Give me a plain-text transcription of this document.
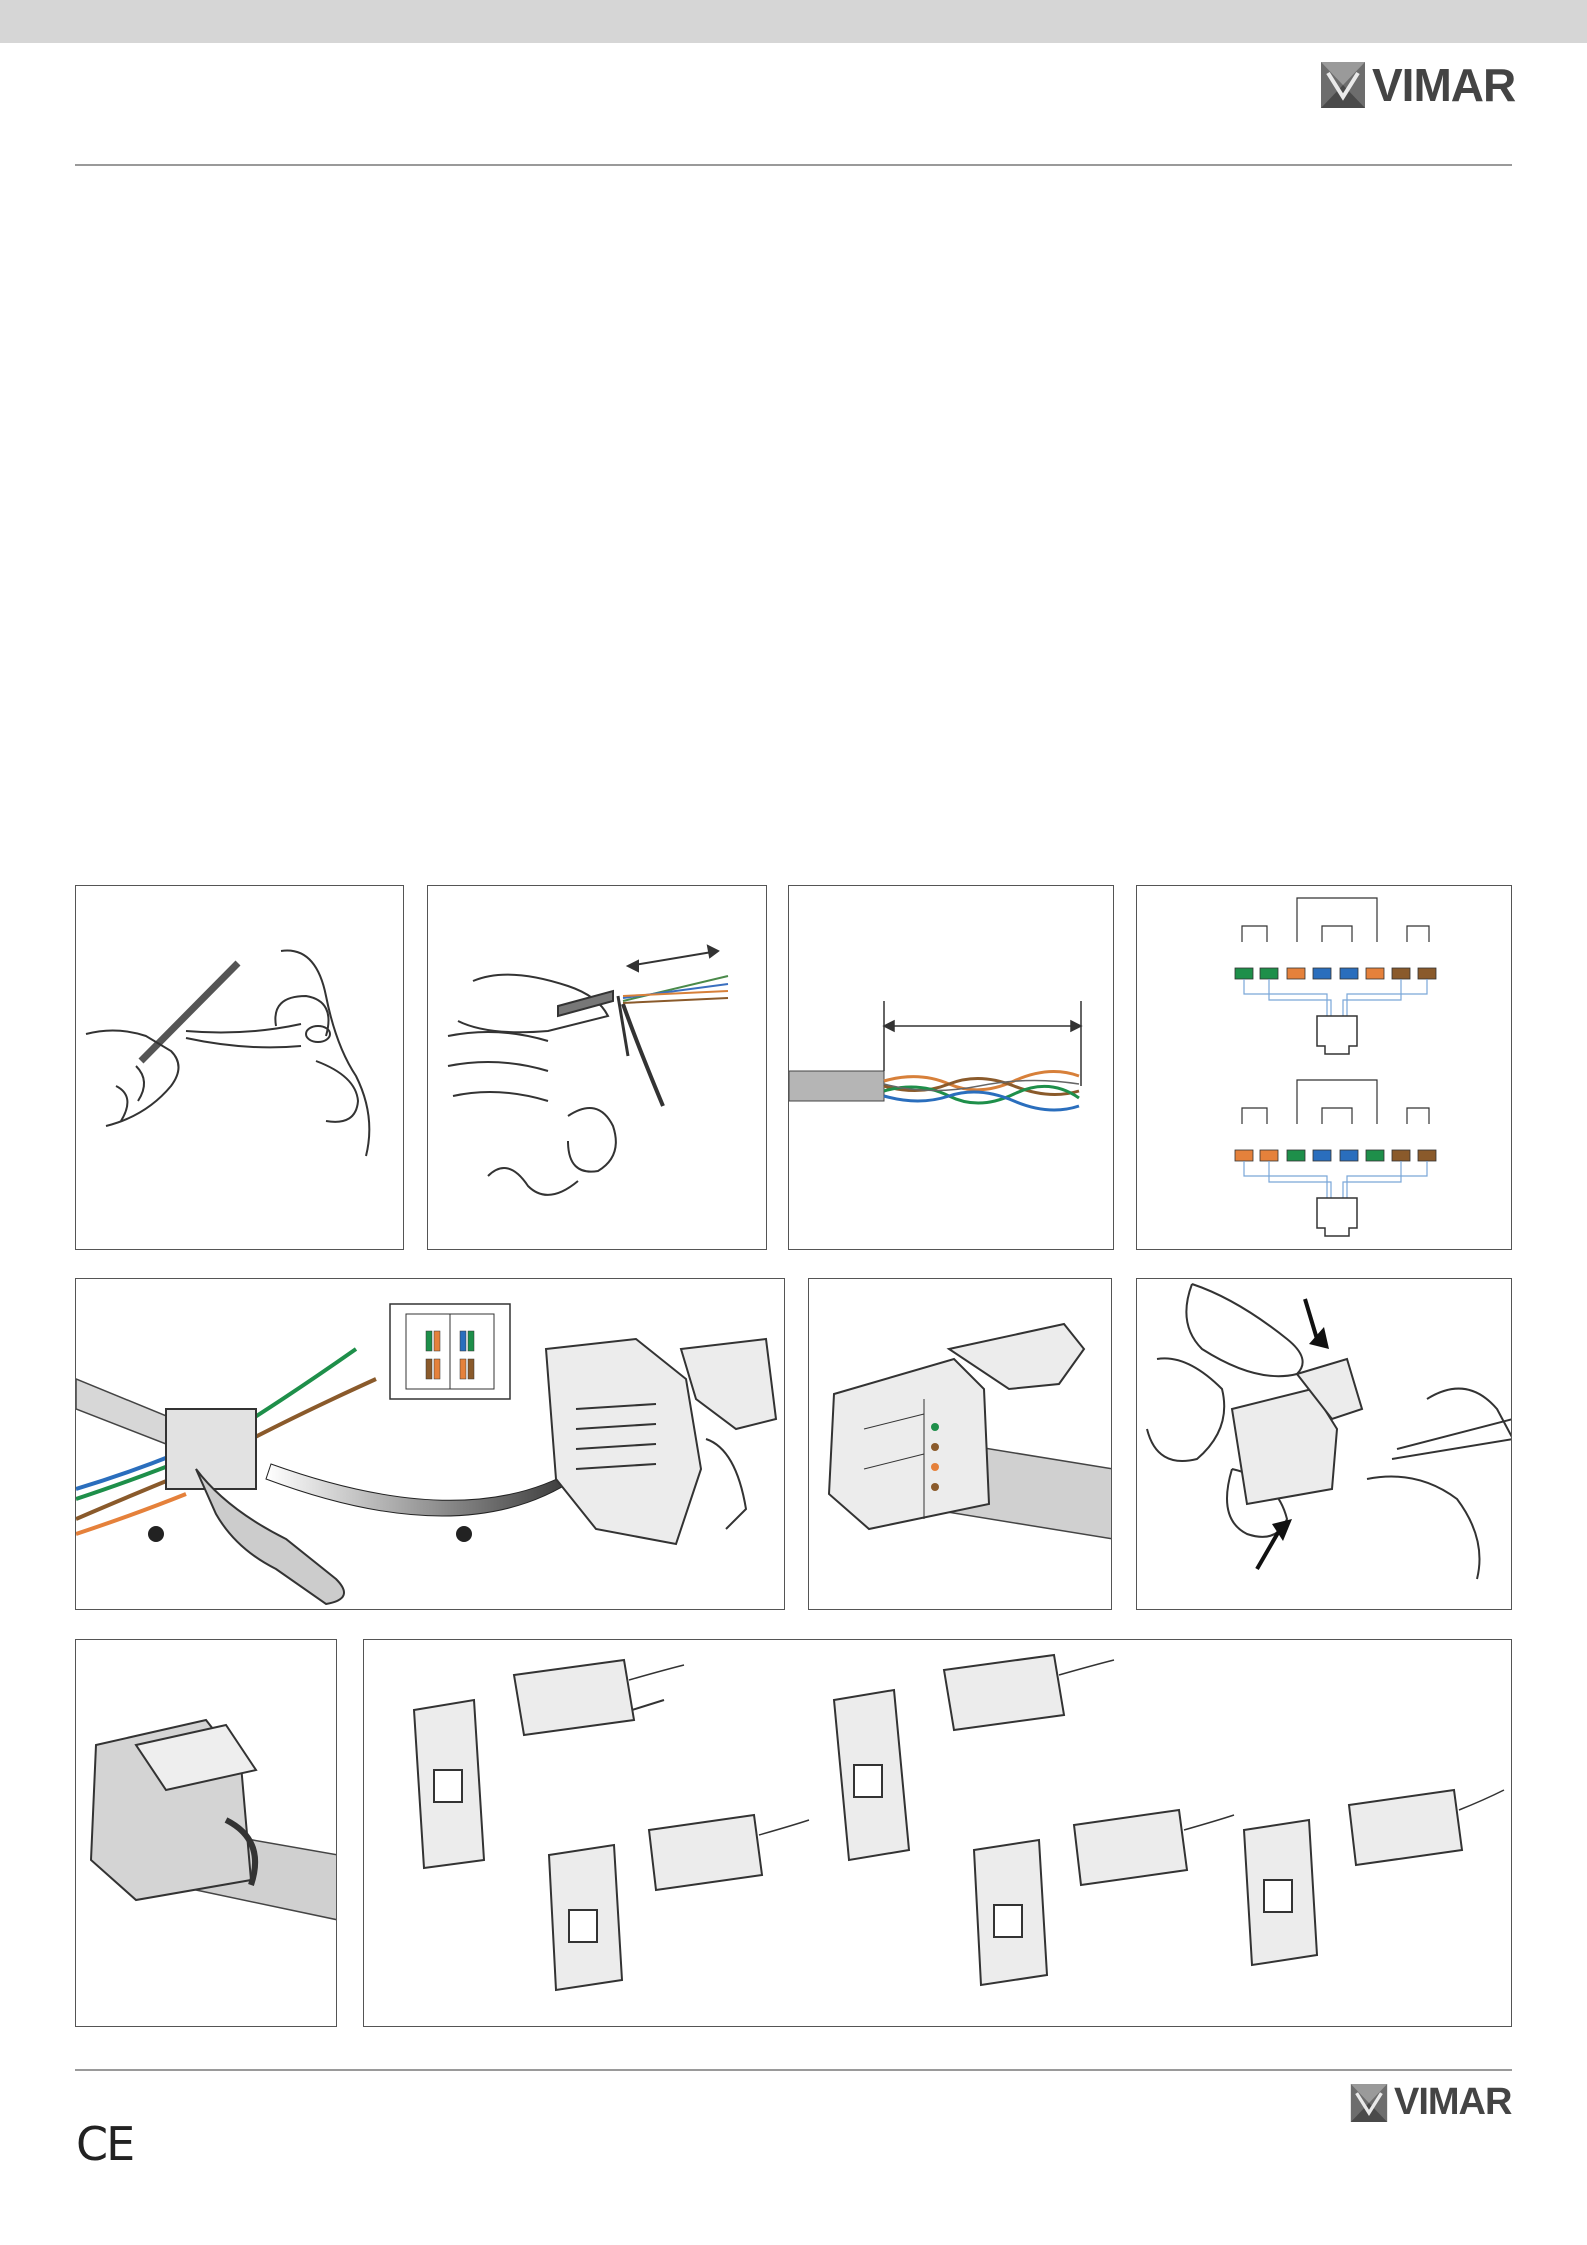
VIMAR
CE
VIMAR
